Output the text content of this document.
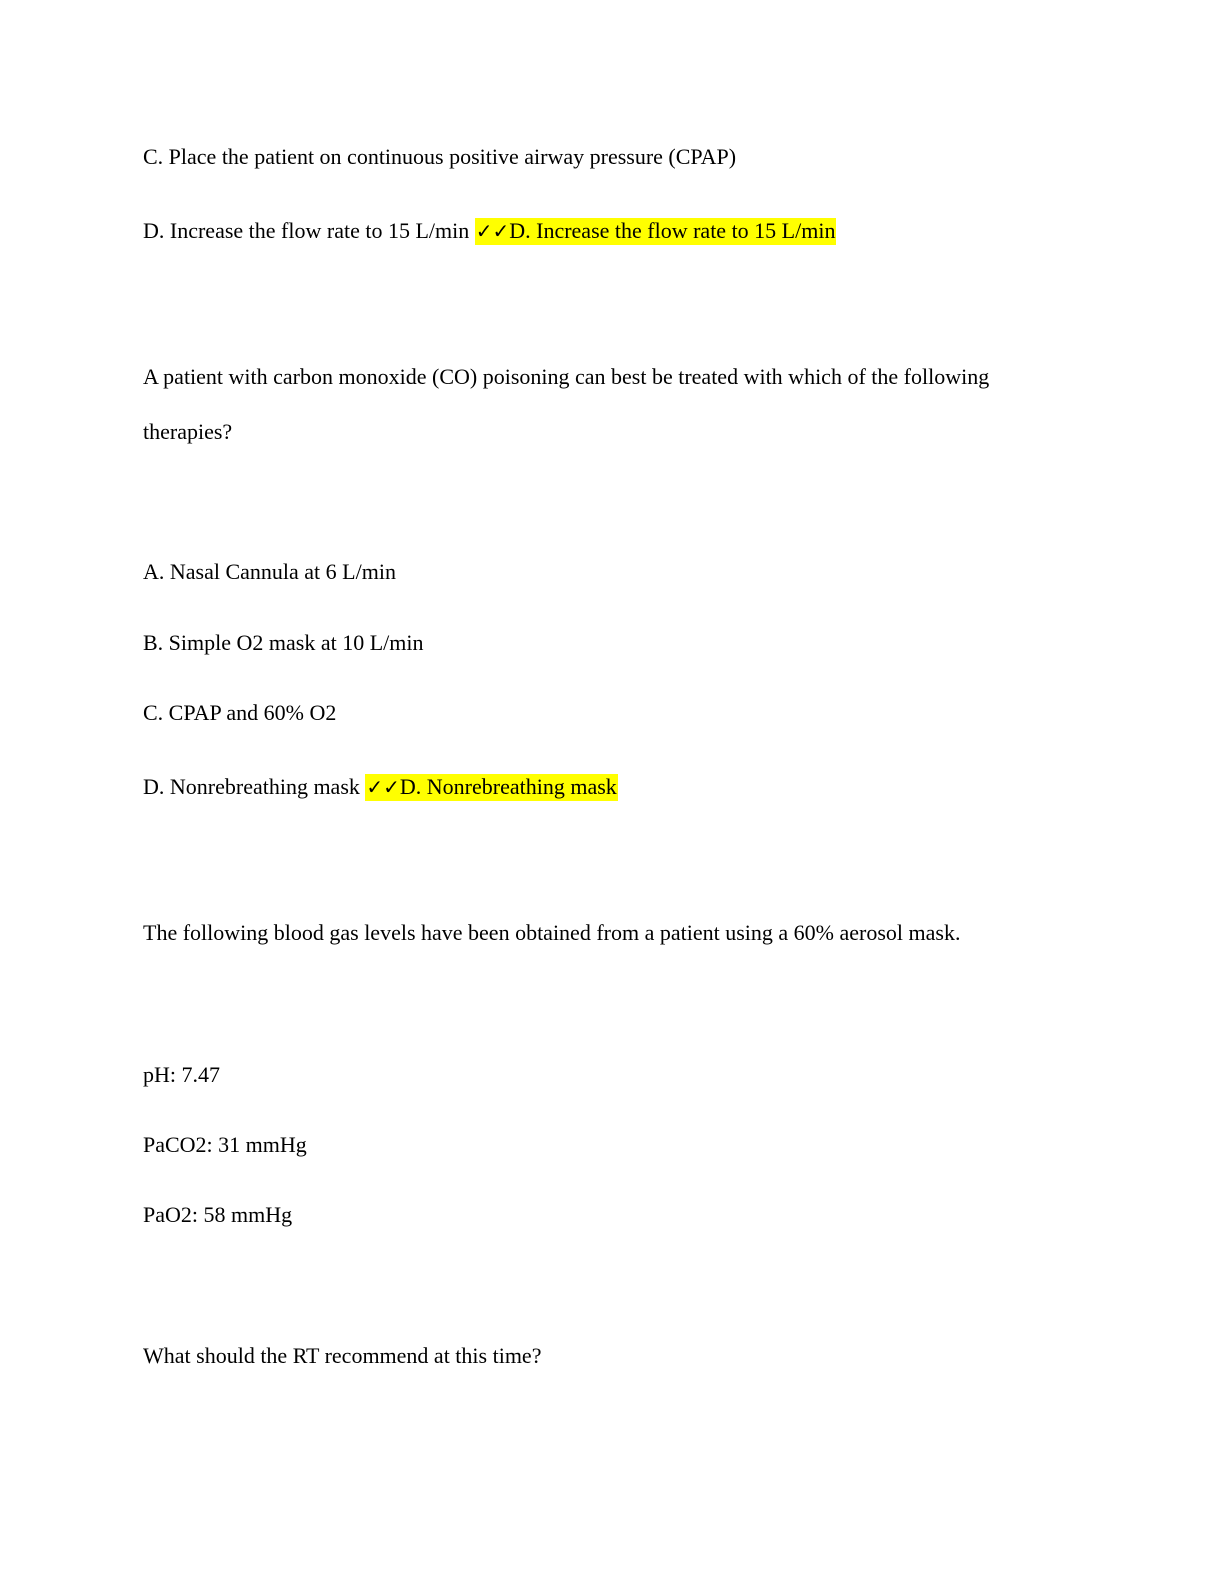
C. Place the patient on continuous positive airway pressure (CPAP)
D. Increase the flow rate to 15 L/min ✓✓D. Increase the flow rate to 15 L/min
A patient with carbon monoxide (CO) poisoning can best be treated with which of the following
therapies?
A. Nasal Cannula at 6 L/min
B. Simple O2 mask at 10 L/min
C. CPAP and 60% O2
D. Nonrebreathing mask ✓✓D. Nonrebreathing mask
The following blood gas levels have been obtained from a patient using a 60% aerosol mask.
pH: 7.47
PaCO2: 31 mmHg
PaO2: 58 mmHg
What should the RT recommend at this time?
